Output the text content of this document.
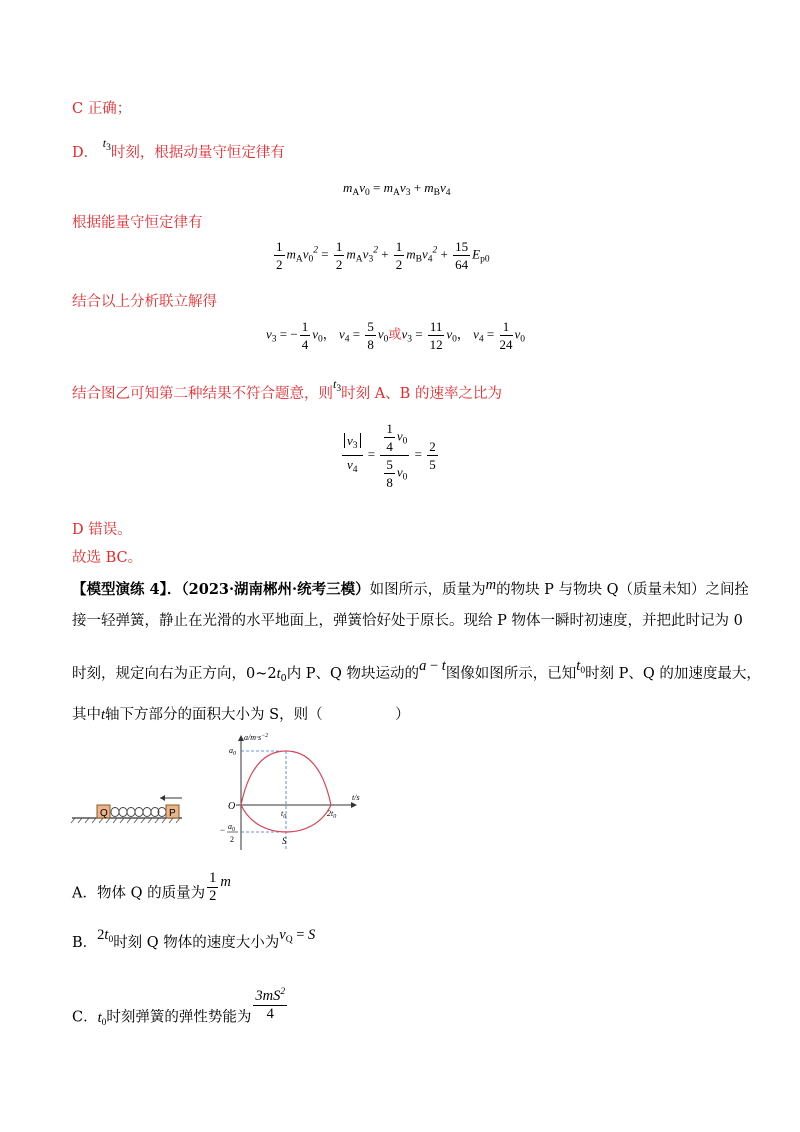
C 正确；
D． $^{t_3}$时刻，根据动量守恒定律有
$m_Av_0 = m_Av_3 + m_Bv_4$
根据能量守恒定律有
$\frac{1}{2} m_Av_0^2 = \frac{1}{2} m_Av_3^2 + \frac{1}{2} m_Bv_4^2 + \frac{15}{64} E_{p0}$
结合以上分析联立解得
$v_3$ = − $\frac{1}{4} v_0$， $v_4 = \frac{5}{8} v_0$或$v_3 = \frac{11}{12} v_0$， $v_4 = \frac{1}{24} v_0$
结合图乙可知第二种结果不符合题意，则$^{t_3}$时刻 A、B 的速率之比为
$\frac{v_3}{v_4} = \frac{\frac{1}{4} v_0}{\frac{5}{8} v_0} = \frac{2}{5}$
D 错误。
故选 BC。
【模型演练 4】．（2023·湖南郴州·统考三模）如图所示，质量为m的物块 P 与物块 Q（质量未知）之间拴
接一轻弹簧，静止在光滑的水平地面上，弹簧恰好处于原长。现给 P 物体一瞬时初速度，并把此时记为 0
时刻，规定向右为正方向，$0\sim 2t_0$内 P、Q 物块运动的a − t图像如图所示，已知$t_0$时刻 P、Q 的加速度最大，
其中t轴下方部分的面积大小为 S，则（　　　　　）
Q	P
$a/m\cdot s^{-2}$
$a_0$
O
t/s
$t_0$	$2t_0$
S
− $a_0$
2
A．物体 Q 的质量为 $\frac{1}{2}$ m
B．$2t_0$时刻 Q 物体的速度大小为$v_Q = S$
C．$t_0$时刻弹簧的弹性势能为 $\frac{3mS^2}{4}$
